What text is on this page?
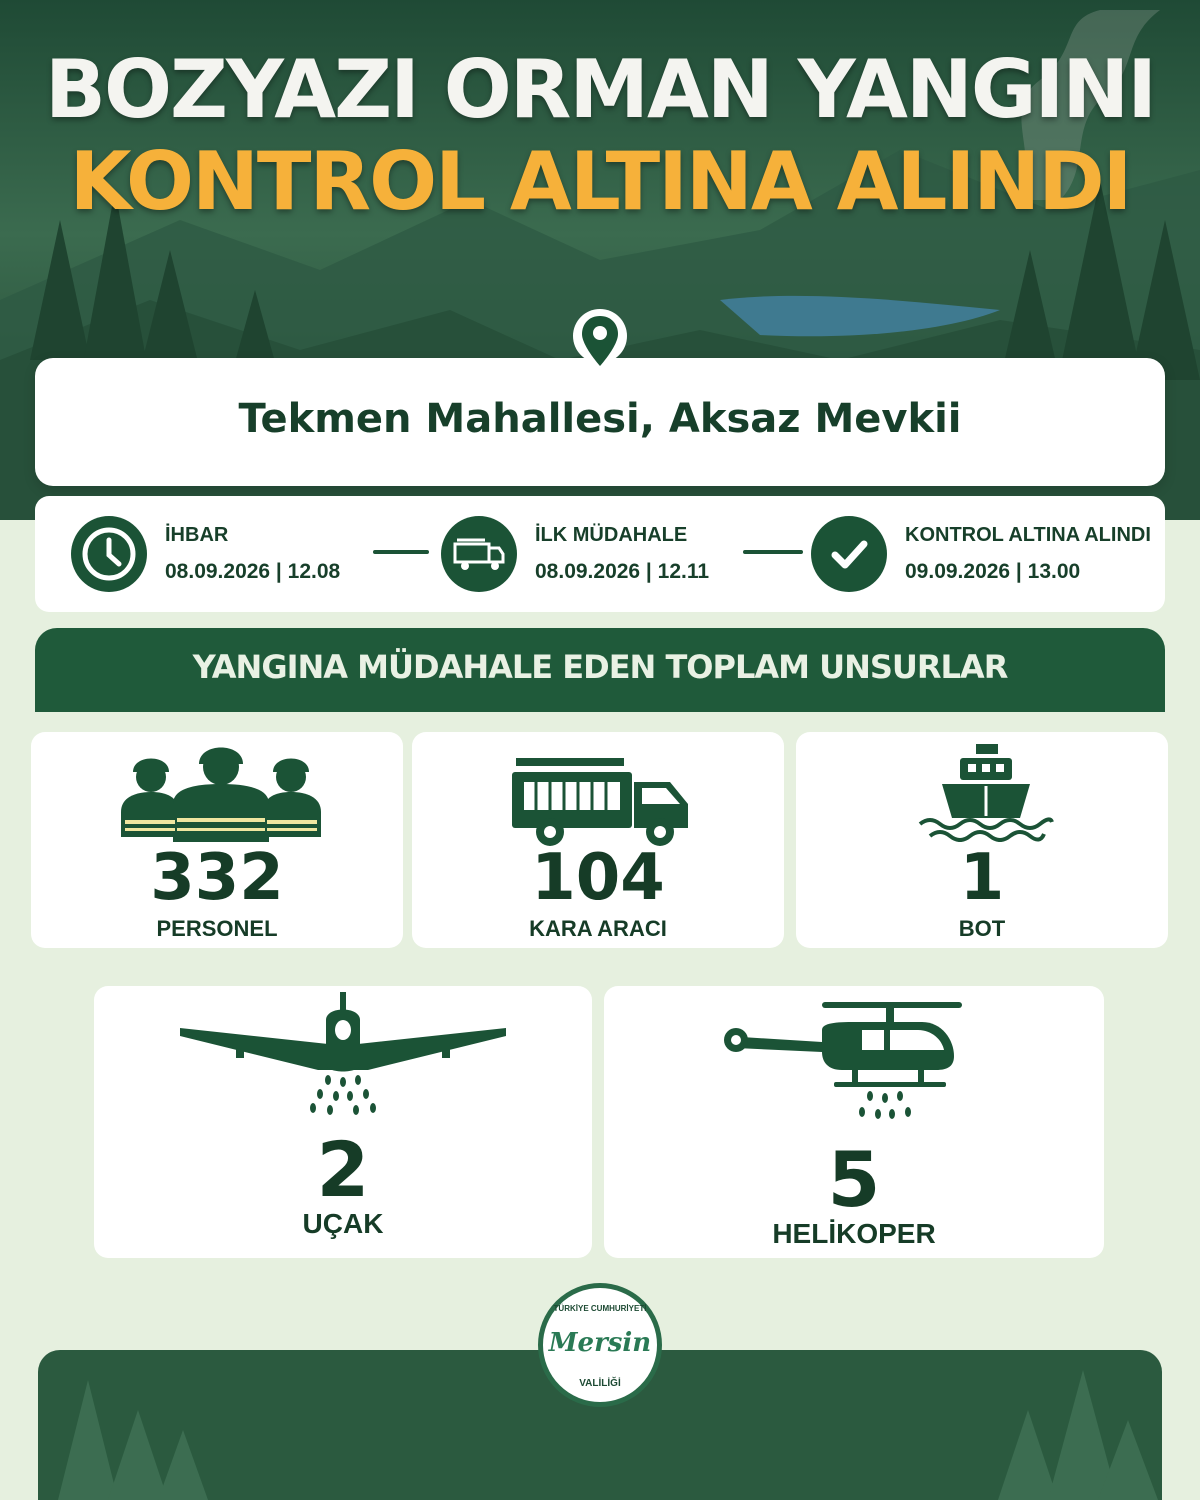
BOZYAZI ORMAN YANGINI
KONTROL ALTINA ALINDI
Tekmen Mahallesi, Aksaz Mevkii
İHBAR
08.09.2026 | 12.08
İLK MÜDAHALE
08.09.2026 | 12.11
KONTROL ALTINA ALINDI
09.09.2026 | 13.00
YANGINA MÜDAHALE EDEN TOPLAM UNSURLAR
332
PERSONEL
104
KARA ARACI
1
BOT
2
UÇAK	5
HELİKOPER
TÜRKİYE CUMHURİYETİ
Mersin
VALİLİĞİ
